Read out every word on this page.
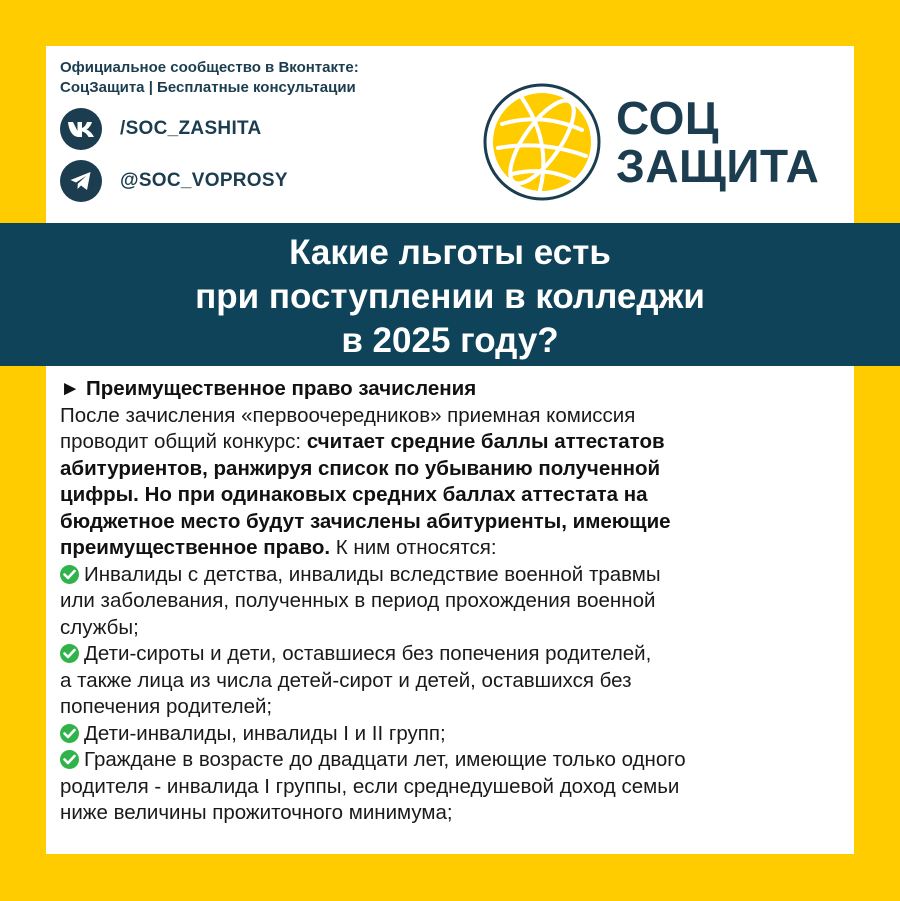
Официальное сообщество в Вконтакте:
СоцЗащита | Бесплатные консультации
/SOC_ZASHITA
@SOC_VOPROSY
СОЦ
ЗАЩИТА
Какие льготы есть
при поступлении в колледжи
в 2025 году?
► Преимущественное право зачисления
После зачисления «первоочередников» приемная комиссия
проводит общий конкурс: считает средние баллы аттестатов
абитуриентов, ранжируя список по убыванию полученной
цифры. Но при одинаковых средних баллах аттестата на
бюджетное место будут зачислены абитуриенты, имеющие
преимущественное право. К ним относятся:
Инвалиды с детства, инвалиды вследствие военной травмы
или заболевания, полученных в период прохождения военной
службы;
Дети-сироты и дети, оставшиеся без попечения родителей,
а также лица из числа детей-сирот и детей, оставшихся без
попечения родителей;
Дети-инвалиды, инвалиды I и II групп;
Граждане в возрасте до двадцати лет, имеющие только одного
родителя - инвалида I группы, если среднедушевой доход семьи
ниже величины прожиточного минимума;
